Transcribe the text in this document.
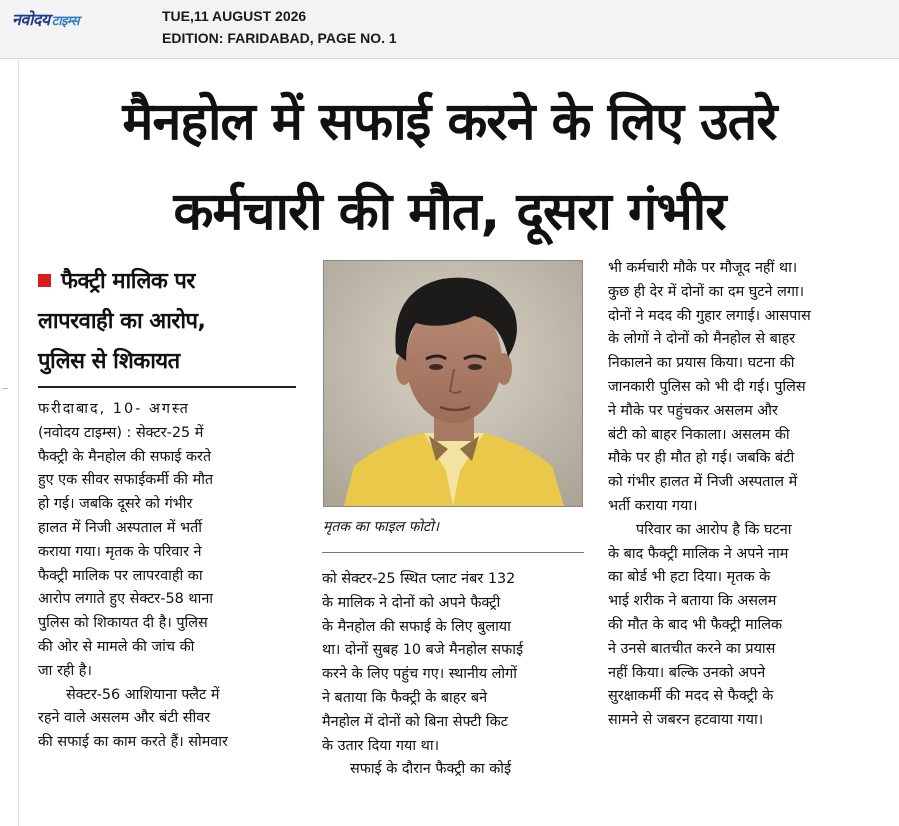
नवोदय टाइम्स	TUE,11 AUGUST 2026
EDITION: FARIDABAD, PAGE NO. 1
मैनहोल में सफाई करने के लिए उतरे
कर्मचारी की मौत, दूसरा गंभीर
फैक्ट्री मालिक पर
लापरवाही का आरोप,
पुलिस से शिकायत

फरीदाबाद, 10- अगस्त

(नवोदय टाइम्स) : सेक्टर-25 में

फैक्ट्री के मैनहोल की सफाई करते

हुए एक सीवर सफाईकर्मी की मौत

हो गई। जबकि दूसरे को गंभीर

हालत में निजी अस्पताल में भर्ती

कराया गया। मृतक के परिवार ने

फैक्ट्री मालिक पर लापरवाही का

आरोप लगाते हुए सेक्टर-58 थाना

पुलिस को शिकायत दी है। पुलिस

की ओर से मामले की जांच की

जा रही है।

सेक्टर-56 आशियाना फ्लैट में

रहने वाले असलम और बंटी सीवर

की सफाई का काम करते हैं। सोमवार

मृतक का फाइल फोटो।

को सेक्टर-25 स्थित प्लाट नंबर 132

के मालिक ने दोनों को अपने फैक्ट्री

के मैनहोल की सफाई के लिए बुलाया

था। दोनों सुबह 10 बजे मैनहोल सफाई

करने के लिए पहुंच गए। स्थानीय लोगों

ने बताया कि फैक्ट्री के बाहर बने

मैनहोल में दोनों को बिना सेफ्टी किट

के उतार दिया गया था।

सफाई के दौरान फैक्ट्री का कोई

भी कर्मचारी मौके पर मौजूद नहीं था।

कुछ ही देर में दोनों का दम घुटने लगा।

दोनों ने मदद की गुहार लगाई। आसपास

के लोगों ने दोनों को मैनहोल से बाहर

निकालने का प्रयास किया। घटना की

जानकारी पुलिस को भी दी गई। पुलिस

ने मौके पर पहुंचकर असलम और

बंटी को बाहर निकाला। असलम की

मौके पर ही मौत हो गई। जबकि बंटी

को गंभीर हालत में निजी अस्पताल में

भर्ती कराया गया।

परिवार का आरोप है कि घटना

के बाद फैक्ट्री मालिक ने अपने नाम

का बोर्ड भी हटा दिया। मृतक के

भाई शरीक ने बताया कि असलम

की मौत के बाद भी फैक्ट्री मालिक

ने उनसे बातचीत करने का प्रयास

नहीं किया। बल्कि उनको अपने

सुरक्षाकर्मी की मदद से फैक्ट्री के

सामने से जबरन हटवाया गया।
